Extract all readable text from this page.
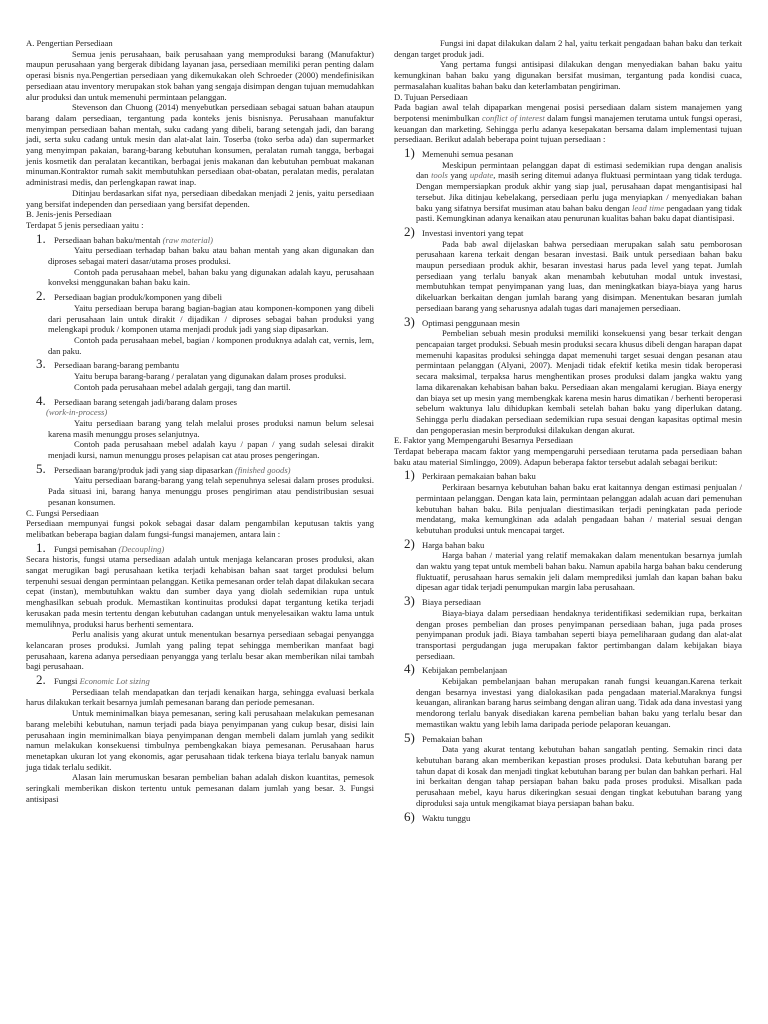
A. Pengertian Persediaan

Semua jenis perusahaan, baik perusahaan yang memproduksi barang (Manufaktur) maupun perusahaan yang bergerak dibidang layanan jasa, persediaan memiliki peran penting dalam operasi bisnis nya.Pengertian persediaan yang dikemukakan oleh Schroeder (2000) mendefinisikan persediaan atau inventory merupakan stok bahan yang sengaja disimpan dengan tujuan memudahkan alur produksi dan untuk memenuhi permintaan pelanggan.

Stevenson dan Chuong (2014) menyebutkan persediaan sebagai satuan bahan ataupun barang dalam persediaan, tergantung pada konteks jenis bisnisnya. Perusahaan manufaktur menyimpan persediaan bahan mentah, suku cadang yang dibeli, barang setengah jadi, dan barang jadi, serta suku cadang untuk mesin dan alat-alat lain. Toserba (toko serba ada) dan supermarket yang menyimpan pakaian, barang-barang kebutuhan konsumen, peralatan rumah tangga, berbagai jenis kosmetik dan peralatan kecantikan, berbagai jenis makanan dan kebutuhan pembuat makanan minuman.Kontraktor rumah sakit membutuhkan persediaan obat-obatan, peralatan medis, peralatan administrasi medis, dan perlengkapan rawat inap.

Ditinjau berdasarkan sifat nya, persediaan dibedakan menjadi 2 jenis, yaitu persediaan yang bersifat independen dan persediaan yang bersifat dependen.

B. Jenis-jenis Persediaan

Terdapat 5 jenis persediaan yaitu :

1. Persediaan bahan baku/mentah (raw material)

Yaitu persediaan terhadap bahan baku atau bahan mentah yang akan digunakan dan diproses sebagai materi dasar/utama proses produksi.

Contoh pada perusahaan mebel, bahan baku yang digunakan adalah kayu, perusahaan konveksi menggunakan bahan baku kain.

2. Persediaan bagian produk/komponen yang dibeli

Yaitu persediaan berupa barang bagian-bagian atau komponen-komponen yang dibeli dari perusahaan lain untuk dirakit / dijadikan / diproses sebagai bahan produksi yang melengkapi produk / komponen utama menjadi produk jadi yang siap dipasarkan.

Contoh pada perusahaan mebel, bagian / komponen produknya adalah cat, vernis, lem, dan paku.

3. Persediaan barang-barang pembantu

Yaitu berupa barang-barang / peralatan yang digunakan dalam proses produksi.

Contoh pada perusahaan mebel adalah gergaji, tang dan martil.

4. Persediaan barang setengah jadi/barang dalam proses

(work-in-process)

Yaitu persediaan barang yang telah melalui proses produksi namun belum selesai karena masih menunggu proses selanjutnya.

Contoh pada perusahaan mebel adalah kayu / papan / yang sudah selesai dirakit menjadi kursi, namun menunggu proses pelapisan cat atau proses pengeringan.

5. Persediaan barang/produk jadi yang siap dipasarkan (finished goods)

Yaitu persediaan barang-barang yang telah sepenuhnya selesai dalam proses produksi. Pada situasi ini, barang hanya menunggu proses pengiriman atau pendistribusian sesuai pesanan konsumen.

C. Fungsi Persediaan

Persediaan mempunyai fungsi pokok sebagai dasar dalam pengambilan keputusan taktis yang melibatkan beberapa bagian dalam fungsi-fungsi manajemen, antara lain :

1. Fungsi pemisahan (Decoupling)

Secara historis, fungsi utama persediaan adalah untuk menjaga kelancaran proses produksi, akan sangat merugikan bagi perusahaan ketika terjadi kehabisan bahan saat target produksi belum terpenuhi sesuai dengan permintaan pelanggan. Ketika pemesanan order telah dapat dilakukan secara cepat (instan), membutuhkan waktu dan sumber daya yang diolah sedemikian rupa untuk menghasilkan sebuah produk. Memastikan kontinuitas produksi dapat tergantung ketika terjadi kerusakan pada mesin tertentu dengan kebutuhan cadangan untuk menyelesaikan waktu lama untuk memulihnya, produksi harus berhenti sementara.

Perlu analisis yang akurat untuk menentukan besarnya persediaan sebagai penyangga kelancaran proses produksi. Jumlah yang paling tepat sehingga memberikan manfaat bagi perusahaan, karena adanya persediaan penyangga yang terlalu besar akan memberikan nilai tambah bagi perusahaan.

2. Fungsi Economic Lot sizing

Persediaan telah mendapatkan dan terjadi kenaikan harga, sehingga evaluasi berkala harus dilakukan terkait besarnya jumlah pemesanan barang dan periode pemesanan.

Untuk meminimalkan biaya pemesanan, sering kali perusahaan melakukan pemesanan barang melebihi kebutuhan, namun terjadi pada biaya penyimpanan yang cukup besar, disisi lain perusahaan ingin meminimalkan biaya penyimpanan dengan membeli dalam jumlah yang sedikit namun melakukan konsekuensi timbulnya pembengkakan biaya pemesanan. Perusahaan harus menetapkan ukuran lot yang ekonomis, agar perusahaan tidak terkena biaya terlalu banyak namun juga tidak terlalu sedikit.

Alasan lain merumuskan besaran pembelian bahan adalah diskon kuantitas, pemesok seringkali memberikan diskon tertentu untuk pemesanan dalam jumlah yang besar. 3. Fungsi antisipasi

Fungsi ini dapat dilakukan dalam 2 hal, yaitu terkait pengadaan bahan baku dan terkait dengan target produk jadi.

Yang pertama fungsi antisipasi dilakukan dengan menyediakan bahan baku yaitu kemungkinan bahan baku yang digunakan bersifat musiman, tergantung pada kondisi cuaca, permasalahan kualitas bahan baku dan keterlambatan pengiriman.

D. Tujuan Persediaan

Pada bagian awal telah dipaparkan mengenai posisi persediaan dalam sistem manajemen yang berpotensi menimbulkan conflict of interest dalam fungsi manajemen terutama untuk fungsi operasi, keuangan dan marketing. Sehingga perlu adanya kesepakatan bersama dalam implementasi tujuan persediaan. Berikut adalah beberapa point tujuan persediaan :

1) Memenuhi semua pesanan

Meskipun permintaan pelanggan dapat di estimasi sedemikian rupa dengan analisis dan tools yang update, masih sering ditemui adanya fluktuasi permintaan yang tidak terduga. Dengan mempersiapkan produk akhir yang siap jual, perusahaan dapat mengantisipasi hal tersebut. Jika ditinjau kebelakang, persediaan perlu juga menyiapkan / menyediakan bahan baku yang sifatnya bersifat musiman atau bahan baku dengan lead time pengadaan yang tidak pasti. Kemungkinan adanya kenaikan atau penurunan kualitas bahan baku dapat diantisipasi.

2) Investasi inventori yang tepat

Pada bab awal dijelaskan bahwa persediaan merupakan salah satu pemborosan perusahaan karena terkait dengan besaran investasi. Baik untuk persediaan bahan baku maupun persediaan produk akhir, besaran investasi harus pada level yang tepat. Jumlah persediaan yang terlalu banyak akan menambah kebutuhan modal untuk investasi, membutuhkan tempat penyimpanan yang luas, dan meningkatkan biaya-biaya yang harus dikeluarkan berkaitan dengan jumlah barang yang disimpan. Menentukan besaran jumlah persediaan barang yang seharusnya adalah tugas dari manajemen persediaan.

3) Optimasi penggunaan mesin

Pembelian sebuah mesin produksi memiliki konsekuensi yang besar terkait dengan pencapaian target produksi. Sebuah mesin produksi secara khusus dibeli dengan harapan dapat memenuhi kapasitas produksi sehingga dapat memenuhi target sesuai dengan pesanan atau permintaan pelanggan (Alyani, 2007). Menjadi tidak efektif ketika mesin tidak beroperasi secara maksimal, terpaksa harus menghentikan proses produksi dalam jangka waktu yang lama dikarenakan kehabisan bahan baku. Persediaan akan mengalami kerugian. Biaya energy dan biaya set up mesin yang membengkak karena mesin harus dimatikan / berhenti beroperasi sebelum waktunya lalu dihidupkan kembali setelah bahan baku yang diperlukan datang. Sehingga perlu diadakan persediaan sedemikian rupa sesuai dengan kapasitas optimal mesin dan pengoperasian mesin berproduksi dilakukan dengan akurat.

E. Faktor yang Mempengaruhi Besarnya Persediaan

Terdapat beberapa macam faktor yang mempengaruhi persediaan terutama pada persediaan bahan baku atau material Simlinggo, 2009). Adapun beberapa faktor tersebut adalah sebagai berikut:

1) Perkiraan pemakaian bahan baku

Perkiraan besarnya kebutuhan bahan baku erat kaitannya dengan estimasi penjualan / permintaan pelanggan. Dengan kata lain, permintaan pelanggan adalah acuan dari pemenuhan kebutuhan bahan baku. Bila penjualan diestimasikan terjadi peningkatan pada periode mendatang, maka kemungkinan ada adalah pengadaan bahan / material sesuai dengan kebutuhan produksi untuk mencapai target.

2) Harga bahan baku

Harga bahan / material yang relatif memakakan dalam menentukan besarnya jumlah dan waktu yang tepat untuk membeli bahan baku. Namun apabila harga bahan baku cenderung fluktuatif, perusahaan harus semakin jeli dalam memprediksi jumlah dan kapan bahan baku dipesan agar tidak terjadi penumpukan margin laba perusahaan.

3) Biaya persediaan

Biaya-biaya dalam persediaan hendaknya teridentifikasi sedemikian rupa, berkaitan dengan proses pembelian dan proses penyimpanan persediaan bahan, juga pada proses penyimpanan produk jadi. Biaya tambahan seperti biaya pemeliharaan gudang dan alat-alat transportasi pergudangan juga merupakan faktor pertimbangan dalam kebijakan biaya persediaan.

4) Kebijakan pembelanjaan

Kebijakan pembelanjaan bahan merupakan ranah fungsi keuangan.Karena terkait dengan besarnya investasi yang dialokasikan pada pengadaan material.Maraknya fungsi keuangan, alirankan barang harus seimbang dengan aliran uang. Tidak ada dana investasi yang mendorong terlalu banyak disediakan karena pembelian bahan baku yang terlalu besar dan memastikan waktu yang lebih lama daripada periode pelaporan keuangan.

5) Pemakaian bahan

Data yang akurat tentang kebutuhan bahan sangatlah penting. Semakin rinci data kebutuhan barang akan memberikan kepastian proses produksi. Data kebutuhan barang per tahun dapat di kosak dan menjadi tingkat kebutuhan barang per bulan dan bahkan perhari. Hal ini berkaitan dengan tahap persiapan bahan baku pada proses produksi. Misalkan pada perusahaan mebel, kayu harus dikeringkan sesuai dengan tingkat kebutuhan barang yang diproduksi saja untuk mengikamat biaya persiapan bahan baku.

6) Waktu tunggu
